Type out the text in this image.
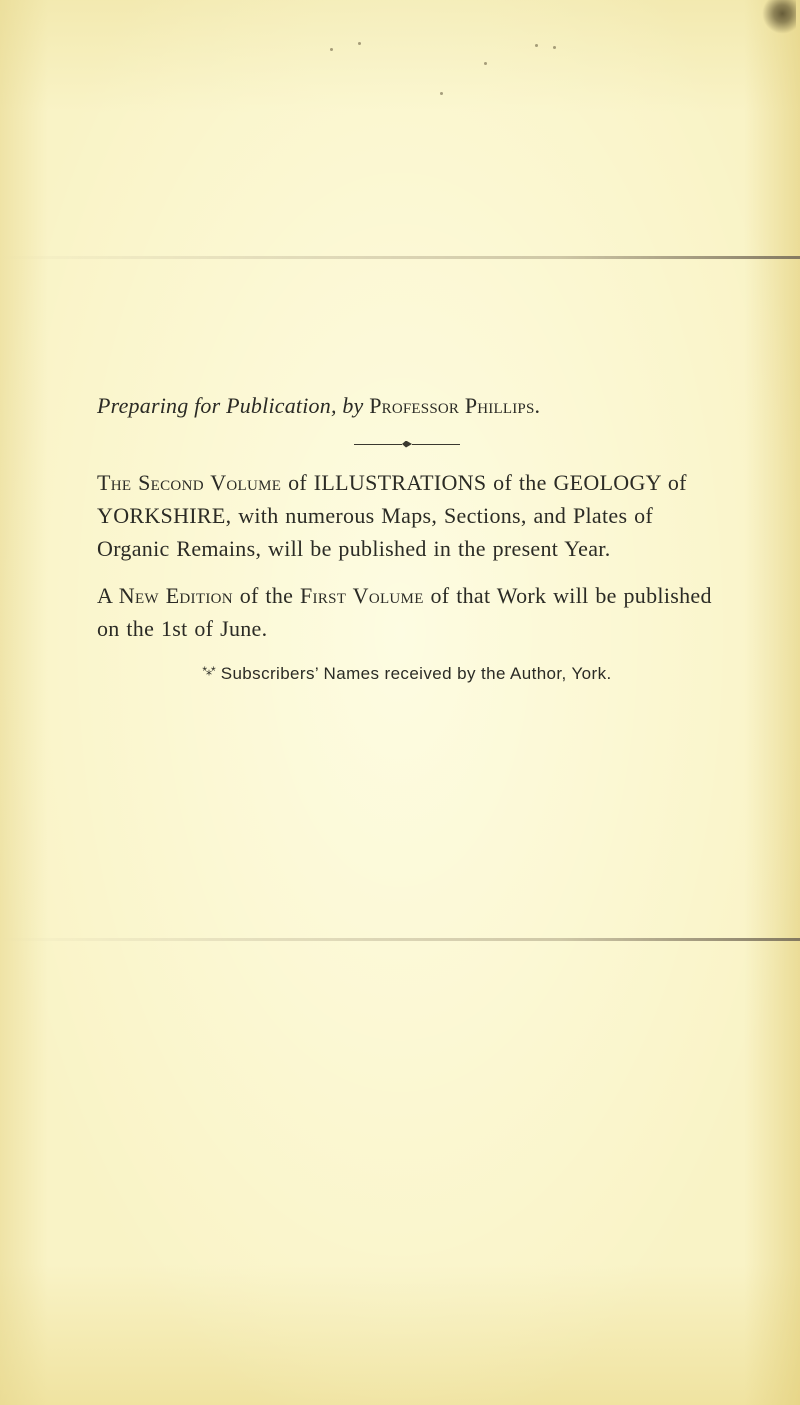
Preparing for Publication, by Professor Phillips.

The Second Volume of ILLUSTRATIONS of the GEOLOGY of YORKSHIRE, with numerous Maps, Sections, and Plates of Organic Remains, will be published in the present Year.

A New Edition of the First Volume of that Work will be published on the 1st of June.

*⁎* Subscribers’ Names received by the Author, York.
